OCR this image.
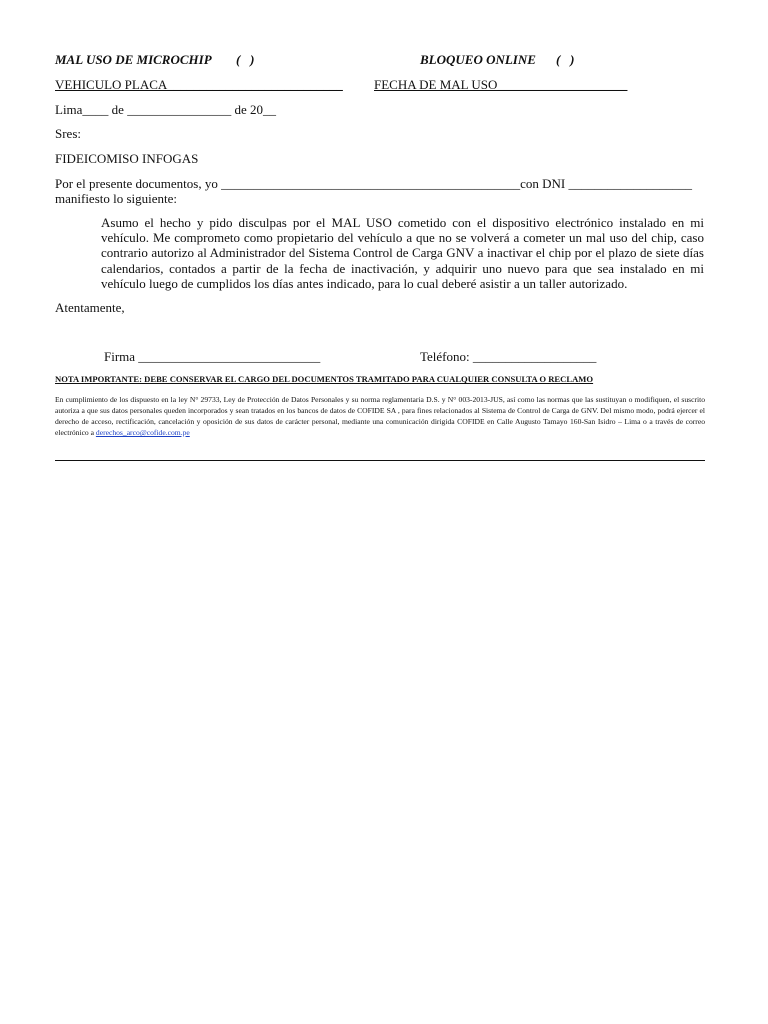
MAL USO DE MICROCHIP (   )	BLOQUEO ONLINE (   )
VEHICULO PLACA___________________________ FECHA DE MAL USO____________________
Lima____ de ________________ de 20__
Sres:
FIDEICOMISO INFOGAS
Por el presente documentos, yo ______________________________________________con DNI ___________________
manifiesto lo siguiente:
Asumo el hecho y pido disculpas por el MAL USO cometido con el dispositivo electrónico instalado en mi vehículo. Me comprometo como propietario del vehículo a que no se volverá a cometer un mal uso del chip, caso contrario autorizo al Administrador del Sistema Control de Carga GNV a inactivar el chip por el plazo de siete días calendarios, contados a partir de la fecha de inactivación, y adquirir uno nuevo para que sea instalado en mi vehículo luego de cumplidos los días antes indicado, para lo cual deberé asistir a un taller autorizado.
Atentamente,
Firma ____________________________	Teléfono: ___________________
NOTA IMPORTANTE: DEBE CONSERVAR EL CARGO DEL DOCUMENTOS TRAMITADO PARA CUALQUIER CONSULTA O RECLAMO
En cumplimiento de los dispuesto en la ley N° 29733, Ley de Protección de Datos Personales y su norma reglamentaria D.S. y N° 003-2013-JUS, así como las normas que las sustituyan o modifiquen, el suscrito autoriza a que sus datos personales queden incorporados y sean tratados en los bancos de datos de COFIDE SA , para fines relacionados al Sistema de Control de Carga de GNV. Del mismo modo, podrá ejercer el derecho de acceso, rectificación, cancelación y oposición de sus datos de carácter personal, mediante una comunicación dirigida COFIDE en Calle Augusto Tamayo 160-San Isidro – Lima o a través de correo electrónico a derechos_arco@cofide.com.pe
